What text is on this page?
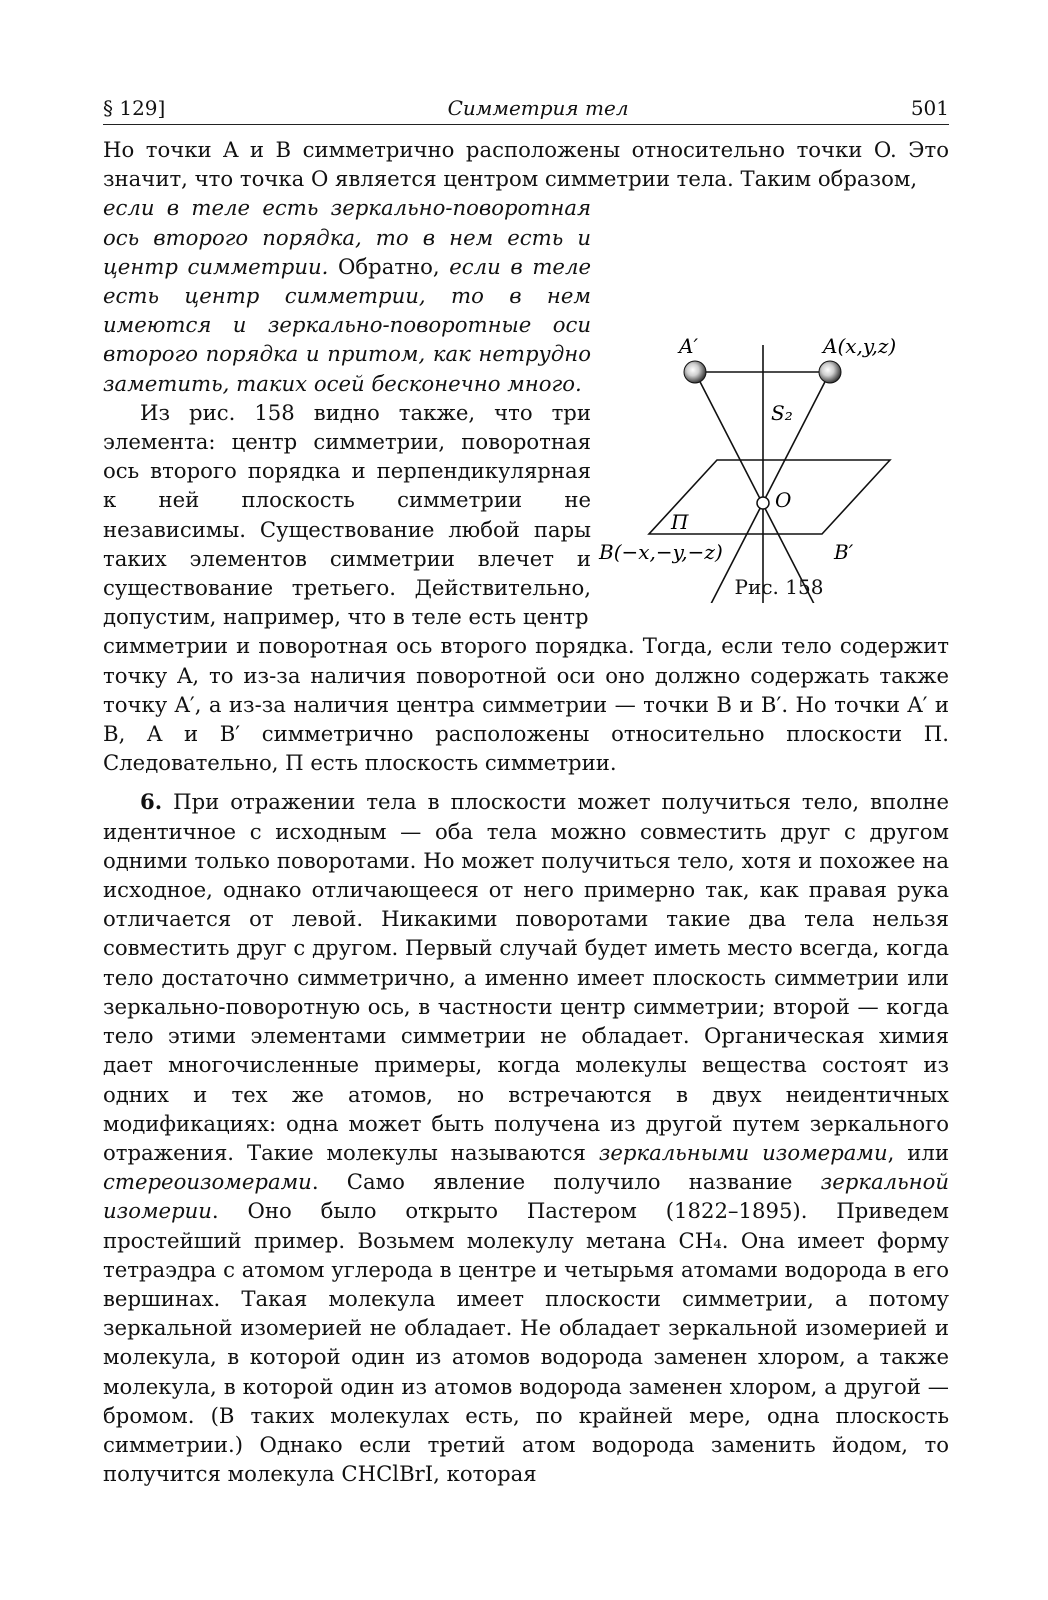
§ 129]	Симметрия тел	501

Но точки A и B симметрично расположены относительно точки O. Это значит, что точка O является центром симметрии тела. Таким образом,

если в теле есть зеркально-поворотная ось второго порядка, то в нем есть и центр симметрии. Обратно, если в теле есть центр симметрии, то в нем имеются и зеркально-поворотные оси второго порядка и притом, как нетрудно заметить, таких осей бесконечно много.

Из рис. 158 видно также, что три элемента: центр симметрии, поворотная ось второго порядка и перпендикулярная к ней плоскость симметрии не независимы. Существование любой пары таких элементов симметрии влечет и существование третьего. Действительно, допустим, например, что в теле есть центр

A′	A(x,y,z)
S₂
O
П
Рис. 158
B(−x,−y,−z)	B′

симметрии и поворотная ось второго порядка. Тогда, если тело содержит точку A, то из-за наличия поворотной оси оно должно содержать также точку A′, а из-за наличия центра симметрии — точки B и B′. Но точки A′ и B, A и B′ симметрично расположены относительно плоскости П. Следовательно, П есть плоскость симметрии.

6. При отражении тела в плоскости может получиться тело, вполне идентичное с исходным — оба тела можно совместить друг с другом одними только поворотами. Но может получиться тело, хотя и похожее на исходное, однако отличающееся от него примерно так, как правая рука отличается от левой. Никакими поворотами такие два тела нельзя совместить друг с другом. Первый случай будет иметь место всегда, когда тело достаточно симметрично, а именно имеет плоскость симметрии или зеркально-поворотную ось, в частности центр симметрии; второй — когда тело этими элементами симметрии не обладает. Органическая химия дает многочисленные примеры, когда молекулы вещества состоят из одних и тех же атомов, но встречаются в двух неидентичных модификациях: одна может быть получена из другой путем зеркального отражения. Такие молекулы называются зеркальными изомерами, или стереоизомерами. Само явление получило название зеркальной изомерии. Оно было открыто Пастером (1822–1895). Приведем простейший пример. Возьмем молекулу метана CH₄. Она имеет форму тетраэдра с атомом углерода в центре и четырьмя атомами водорода в его вершинах. Такая молекула имеет плоскости симметрии, а потому зеркальной изомерией не обладает. Не обладает зеркальной изомерией и молекула, в которой один из атомов водорода заменен хлором, а также молекула, в которой один из атомов водорода заменен хлором, а другой — бромом. (В таких молекулах есть, по крайней мере, одна плоскость симметрии.) Однако если третий атом водорода заменить йодом, то получится молекула CHClBrI, которая
